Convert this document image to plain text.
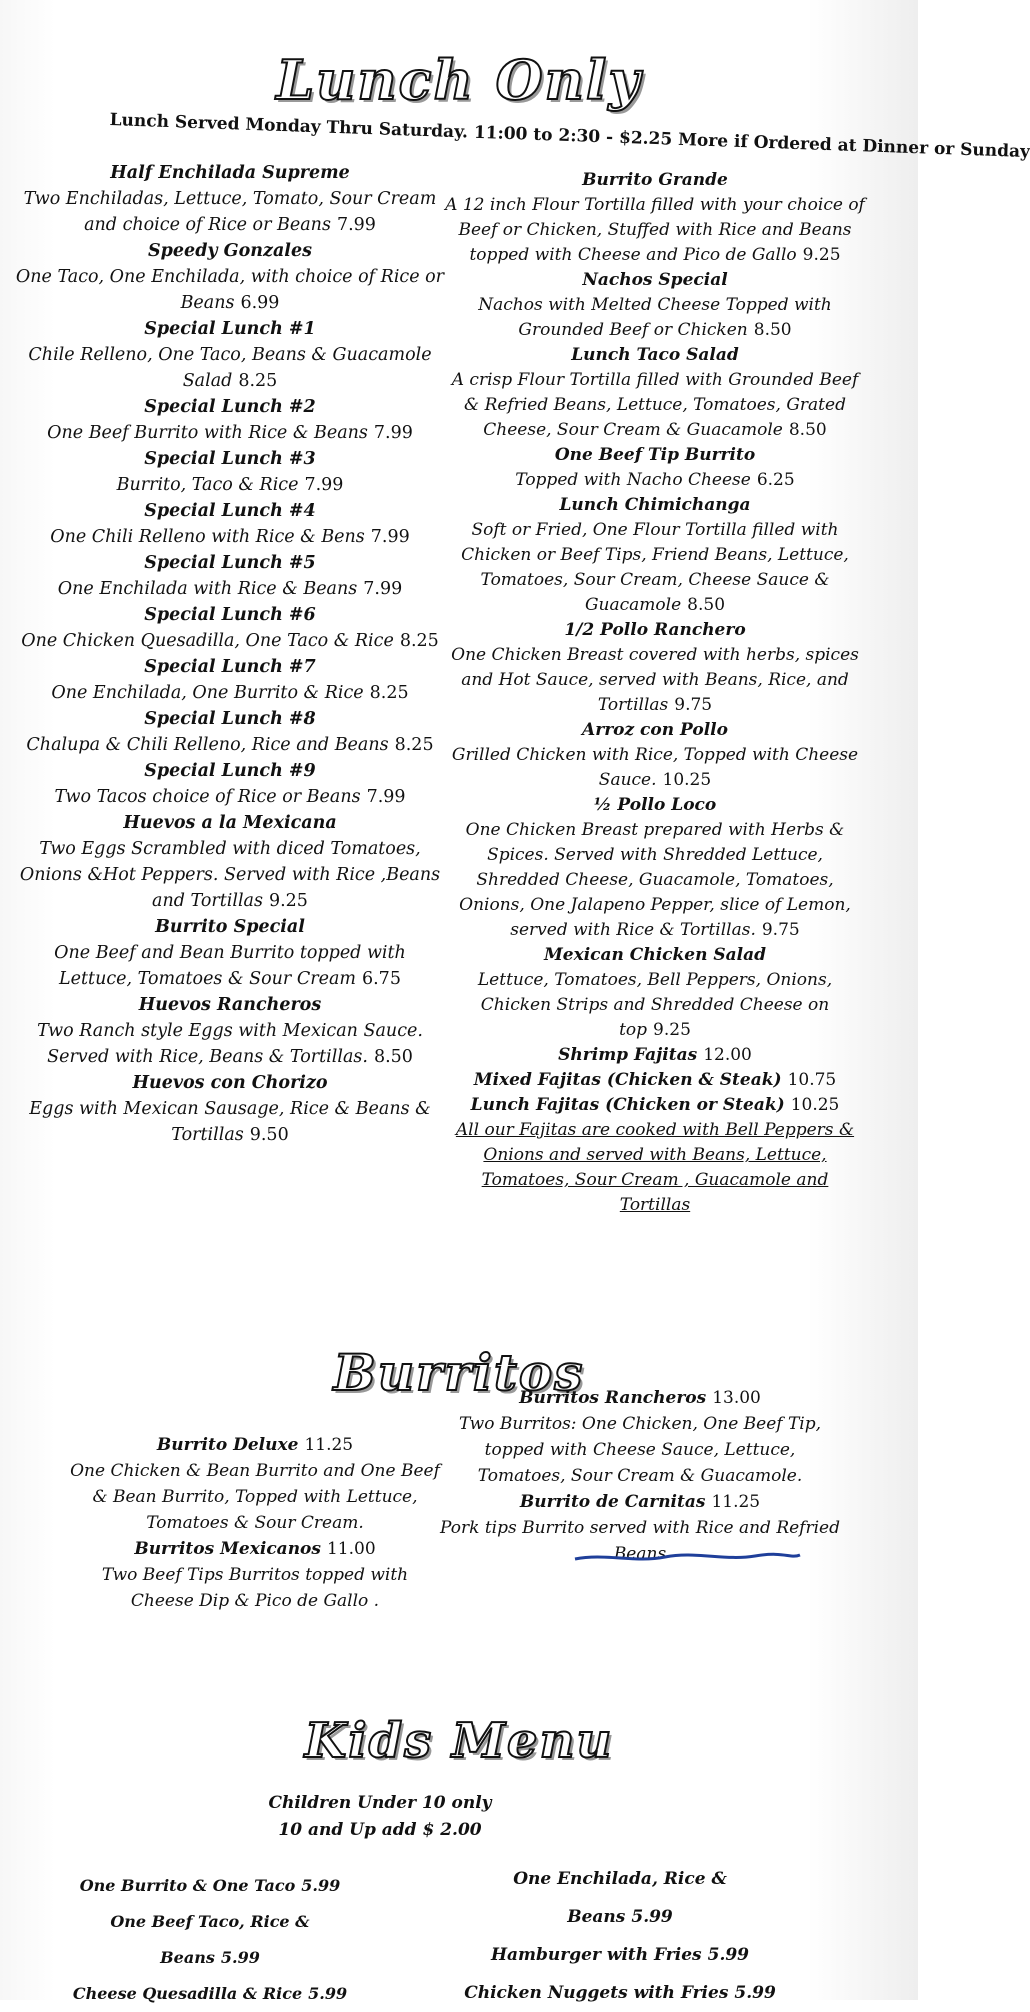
Lunch Only
Lunch Served Monday Thru Saturday. 11:00 to 2:30 - $2.25 More if Ordered at Dinner or Sunday
Half Enchilada Supreme
Two Enchiladas, Lettuce, Tomato, Sour Cream and choice of Rice or Beans 7.99
Speedy Gonzales
One Taco, One Enchilada, with choice of Rice or Beans 6.99
Special Lunch #1
Chile Relleno, One Taco, Beans & Guacamole Salad 8.25
Special Lunch #2
One Beef Burrito with Rice & Beans 7.99
Special Lunch #3
Burrito, Taco & Rice 7.99
Special Lunch #4
One Chili Relleno with Rice & Bens 7.99
Special Lunch #5
One Enchilada with Rice & Beans 7.99
Special Lunch #6
One Chicken Quesadilla, One Taco & Rice 8.25
Special Lunch #7
One Enchilada, One Burrito & Rice 8.25
Special Lunch #8
Chalupa & Chili Relleno, Rice and Beans 8.25
Special Lunch #9
Two Tacos choice of Rice or Beans 7.99
Huevos a la Mexicana
Two Eggs Scrambled with diced Tomatoes, Onions &Hot Peppers. Served with Rice ,Beans and Tortillas 9.25
Burrito Special
One Beef and Bean Burrito topped with Lettuce, Tomatoes & Sour Cream 6.75
Huevos Rancheros
Two Ranch style Eggs with Mexican Sauce. Served with Rice, Beans & Tortillas. 8.50
Huevos con Chorizo
Eggs with Mexican Sausage, Rice & Beans & Tortillas 9.50
Burrito Grande
A 12 inch Flour Tortilla filled with your choice of Beef or Chicken, Stuffed with Rice and Beans topped with Cheese and Pico de Gallo 9.25
Nachos Special
Nachos with Melted Cheese Topped with Grounded Beef or Chicken 8.50
Lunch Taco Salad
A crisp Flour Tortilla filled with Grounded Beef & Refried Beans, Lettuce, Tomatoes, Grated Cheese, Sour Cream & Guacamole 8.50
One Beef Tip Burrito
Topped with Nacho Cheese 6.25
Lunch Chimichanga
Soft or Fried, One Flour Tortilla filled with Chicken or Beef Tips, Friend Beans, Lettuce, Tomatoes, Sour Cream, Cheese Sauce & Guacamole 8.50
1/2 Pollo Ranchero
One Chicken Breast covered with herbs, spices and Hot Sauce, served with Beans, Rice, and Tortillas 9.75
Arroz con Pollo
Grilled Chicken with Rice, Topped with Cheese Sauce. 10.25
½ Pollo Loco
One Chicken Breast prepared with Herbs & Spices. Served with Shredded Lettuce, Shredded Cheese, Guacamole, Tomatoes, Onions, One Jalapeno Pepper, slice of Lemon, served with Rice & Tortillas. 9.75
Mexican Chicken Salad
Lettuce, Tomatoes, Bell Peppers, Onions, Chicken Strips and Shredded Cheese on top 9.25
Shrimp Fajitas 12.00
Mixed Fajitas (Chicken & Steak) 10.75
Lunch Fajitas (Chicken or Steak) 10.25
All our Fajitas are cooked with Bell Peppers & Onions and served with Beans, Lettuce, Tomatoes, Sour Cream , Guacamole and Tortillas
Burritos
Burrito Deluxe 11.25
One Chicken & Bean Burrito and One Beef & Bean Burrito, Topped with Lettuce, Tomatoes & Sour Cream.
Burritos Mexicanos 11.00
Two Beef Tips Burritos topped with Cheese Dip & Pico de Gallo .
Burritos Rancheros 13.00
Two Burritos: One Chicken, One Beef Tip, topped with Cheese Sauce, Lettuce, Tomatoes, Sour Cream & Guacamole.
Burrito de Carnitas 11.25
Pork tips Burrito served with Rice and Refried Beans
Kids Menu
Children Under 10 only
10 and Up add $ 2.00
One Burrito & One Taco 5.99
One Beef Taco, Rice & Beans 5.99
Cheese Quesadilla & Rice 5.99
One Enchilada, Rice & Beans 5.99
Hamburger with Fries 5.99
Chicken Nuggets with Fries 5.99
